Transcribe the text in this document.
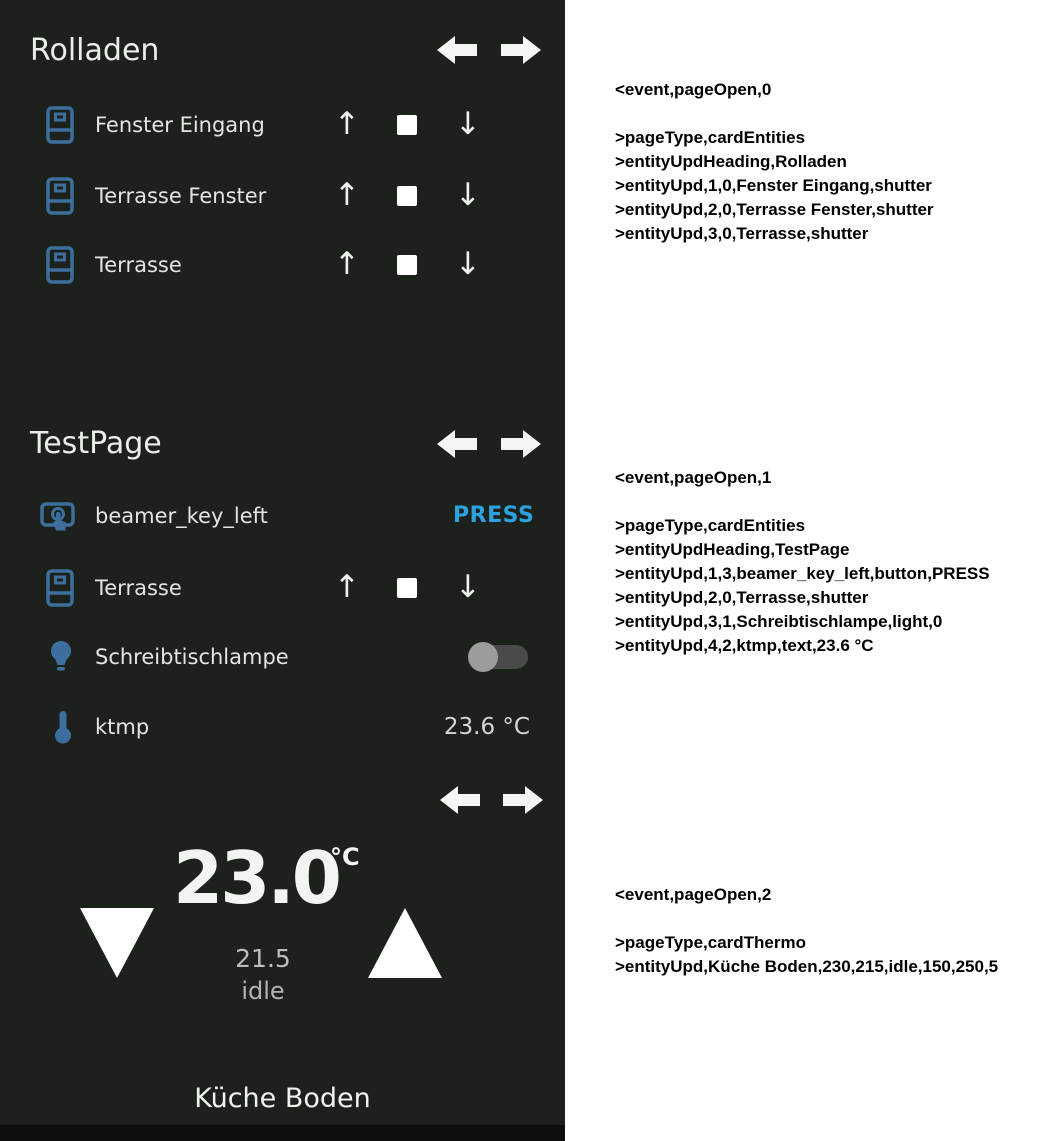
Rolladen
Fenster Eingang ↑	↓
Terrasse Fenster ↑	↓
Terrasse	↑	↓
TestPage
beamer_key_left	PRESS
Terrasse	↑	↓
Schreibtischlampe
ktmp	23.6 °C
23.0
°C
21.5
idle
Küche Boden
<event,pageOpen,0
>pageType,cardEntities
>entityUpdHeading,Rolladen
>entityUpd,1,0,Fenster Eingang,shutter
>entityUpd,2,0,Terrasse Fenster,shutter
>entityUpd,3,0,Terrasse,shutter
<event,pageOpen,1
>pageType,cardEntities
>entityUpdHeading,TestPage
>entityUpd,1,3,beamer_key_left,button,PRESS
>entityUpd,2,0,Terrasse,shutter
>entityUpd,3,1,Schreibtischlampe,light,0
>entityUpd,4,2,ktmp,text,23.6 °C
<event,pageOpen,2
>pageType,cardThermo
>entityUpd,Küche Boden,230,215,idle,150,250,5
